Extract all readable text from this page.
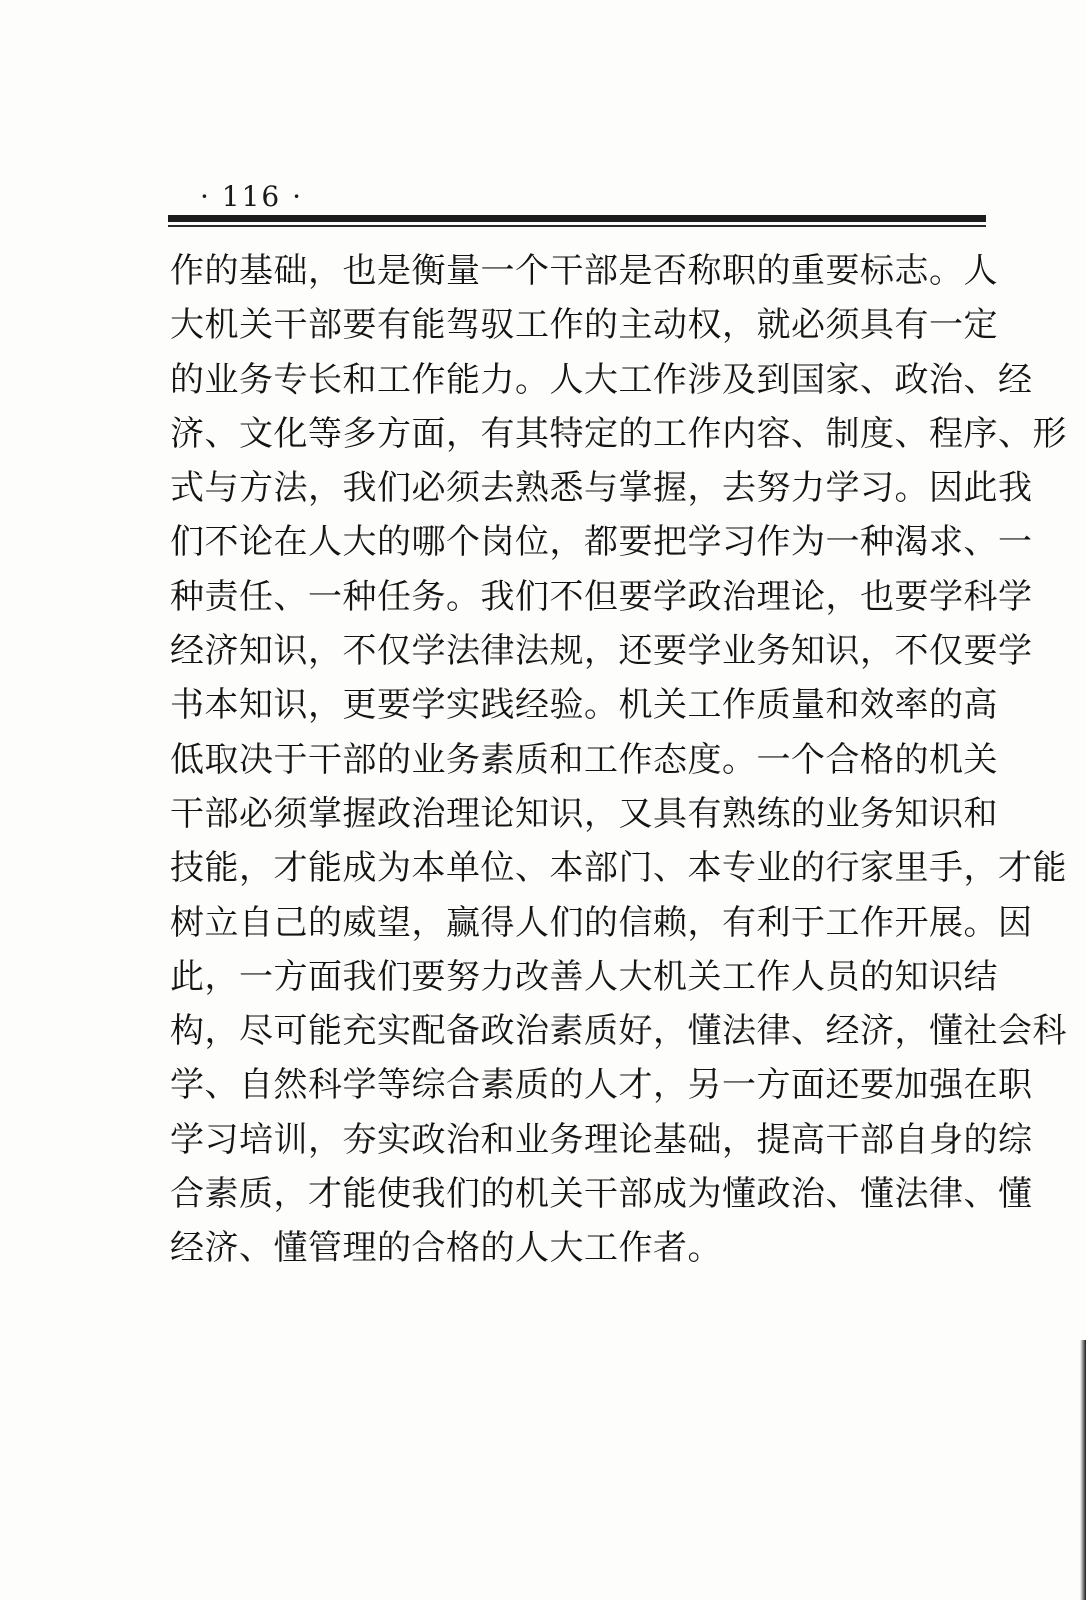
· 116 ·
作的基础，也是衡量一个干部是否称职的重要标志。人
大机关干部要有能驾驭工作的主动权，就必须具有一定
的业务专长和工作能力。人大工作涉及到国家、政治、经
济、文化等多方面，有其特定的工作内容、制度、程序、形
式与方法，我们必须去熟悉与掌握，去努力学习。因此我
们不论在人大的哪个岗位，都要把学习作为一种渴求、一
种责任、一种任务。我们不但要学政治理论，也要学科学
经济知识，不仅学法律法规，还要学业务知识，不仅要学
书本知识，更要学实践经验。机关工作质量和效率的高
低取决于干部的业务素质和工作态度。一个合格的机关
干部必须掌握政治理论知识，又具有熟练的业务知识和
技能，才能成为本单位、本部门、本专业的行家里手，才能
树立自己的威望，赢得人们的信赖，有利于工作开展。因
此，一方面我们要努力改善人大机关工作人员的知识结
构，尽可能充实配备政治素质好，懂法律、经济，懂社会科
学、自然科学等综合素质的人才，另一方面还要加强在职
学习培训，夯实政治和业务理论基础，提高干部自身的综
合素质，才能使我们的机关干部成为懂政治、懂法律、懂
经济、懂管理的合格的人大工作者。
